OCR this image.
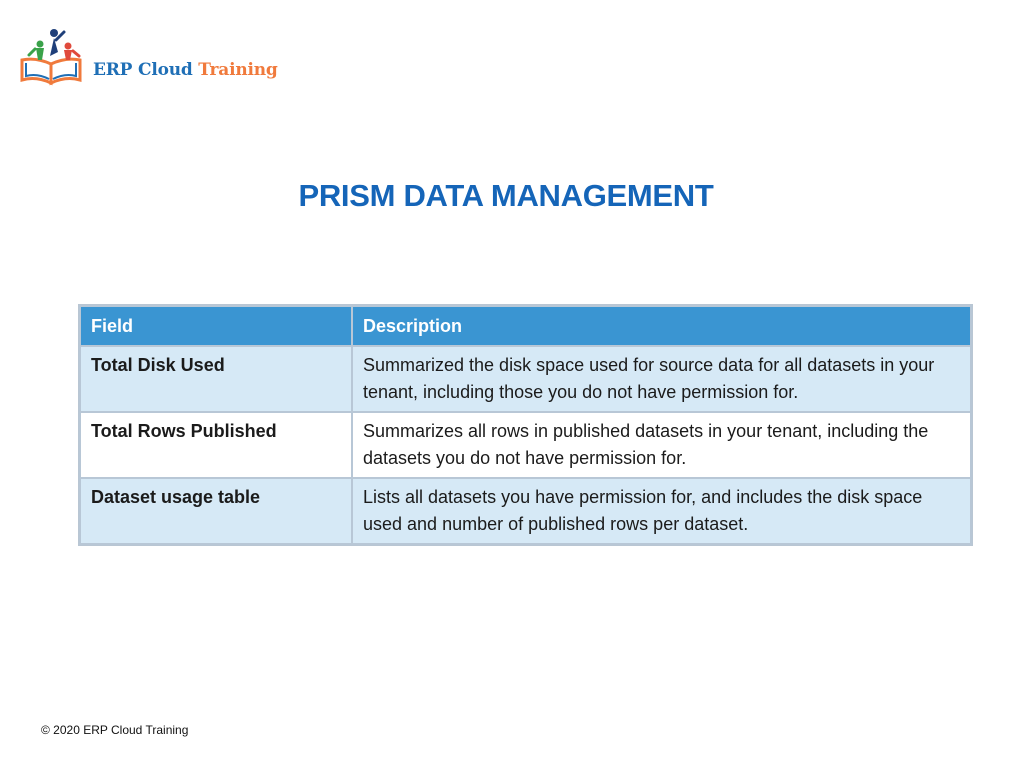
ERP Cloud Training
PRISM DATA MANAGEMENT
Field	Description
Total Disk Used	Summarized the disk space used for source data for all datasets in your tenant, including those you do not have permission for.
Total Rows Published	Summarizes all rows in published datasets in your tenant, including the datasets you do not have permission for.
Dataset usage table	Lists all datasets you have permission for, and includes the disk space used and number of published rows per dataset.
© 2020 ERP Cloud Training
